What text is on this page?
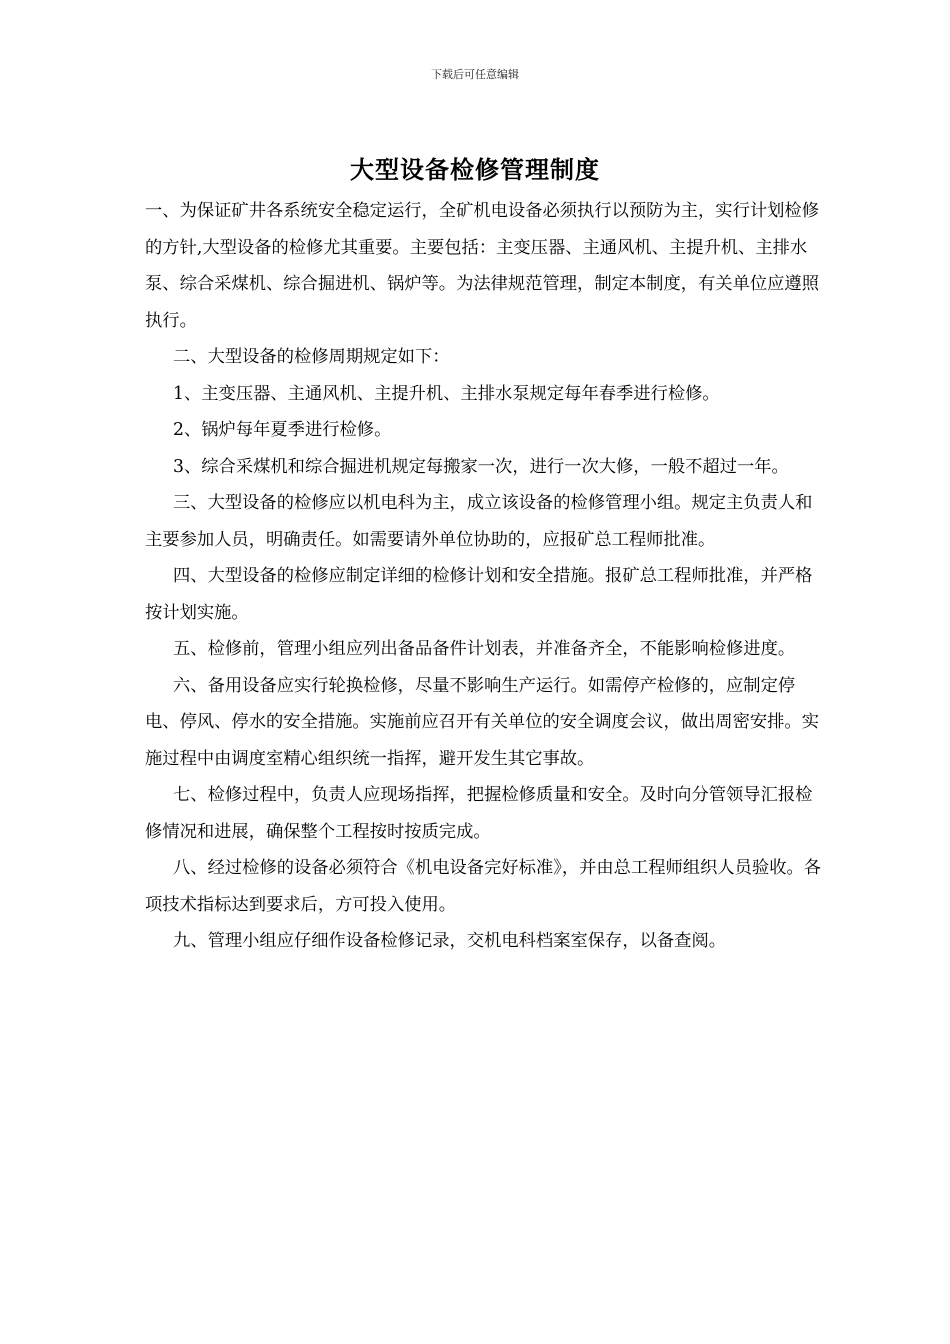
下载后可任意编辑
大型设备检修管理制度

一、为保证矿井各系统安全稳定运行，全矿机电设备必须执行以预防为主，实行计划检修的方针,大型设备的检修尤其重要。主要包括：主变压器、主通风机、主提升机、主排水泵、综合采煤机、综合掘进机、锅炉等。为法律规范管理，制定本制度，有关单位应遵照执行。

二、大型设备的检修周期规定如下：

1、主变压器、主通风机、主提升机、主排水泵规定每年春季进行检修。

2、锅炉每年夏季进行检修。

3、综合采煤机和综合掘进机规定每搬家一次，进行一次大修，一般不超过一年。

三、大型设备的检修应以机电科为主，成立该设备的检修管理小组。规定主负责人和主要参加人员，明确责任。如需要请外单位协助的，应报矿总工程师批准。

四、大型设备的检修应制定详细的检修计划和安全措施。报矿总工程师批准，并严格按计划实施。

五、检修前，管理小组应列出备品备件计划表，并准备齐全，不能影响检修进度。

六、备用设备应实行轮换检修，尽量不影响生产运行。如需停产检修的，应制定停电、停风、停水的安全措施。实施前应召开有关单位的安全调度会议，做出周密安排。实施过程中由调度室精心组织统一指挥，避开发生其它事故。

七、检修过程中，负责人应现场指挥，把握检修质量和安全。及时向分管领导汇报检修情况和进展，确保整个工程按时按质完成。

八、经过检修的设备必须符合《机电设备完好标准》，并由总工程师组织人员验收。各项技术指标达到要求后，方可投入使用。

九、管理小组应仔细作设备检修记录，交机电科档案室保存，以备查阅。
